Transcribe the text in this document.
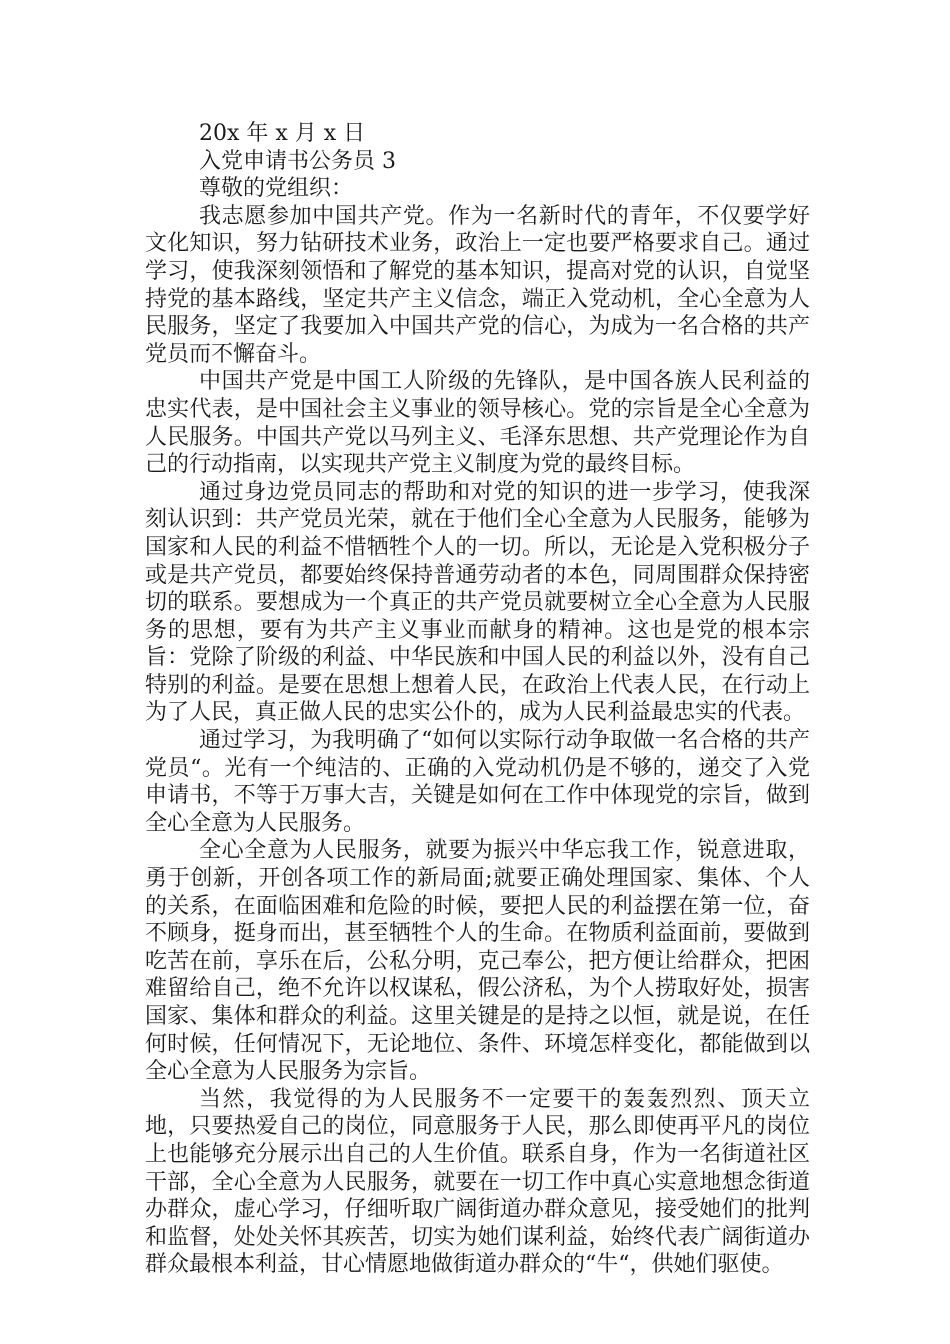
20x 年 x 月 x 日

入党申请书公务员 3

尊敬的党组织：

我志愿参加中国共产党。作为一名新时代的青年，不仅要学好文化知识，努力钻研技术业务，政治上一定也要严格要求自己。通过学习，使我深刻领悟和了解党的基本知识，提高对党的认识，自觉坚持党的基本路线，坚定共产主义信念，端正入党动机，全心全意为人民服务，坚定了我要加入中国共产党的信心，为成为一名合格的共产党员而不懈奋斗。

中国共产党是中国工人阶级的先锋队，是中国各族人民利益的忠实代表，是中国社会主义事业的领导核心。党的宗旨是全心全意为人民服务。中国共产党以马列主义、毛泽东思想、共产党理论作为自己的行动指南，以实现共产党主义制度为党的最终目标。

通过身边党员同志的帮助和对党的知识的进一步学习，使我深刻认识到：共产党员光荣，就在于他们全心全意为人民服务，能够为国家和人民的利益不惜牺牲个人的一切。所以，无论是入党积极分子或是共产党员，都要始终保持普通劳动者的本色，同周围群众保持密切的联系。要想成为一个真正的共产党员就要树立全心全意为人民服务的思想，要有为共产主义事业而献身的精神。这也是党的根本宗旨：党除了阶级的利益、中华民族和中国人民的利益以外，没有自己特别的利益。是要在思想上想着人民，在政治上代表人民，在行动上为了人民，真正做人民的忠实公仆的，成为人民利益最忠实的代表。

通过学习，为我明确了“如何以实际行动争取做一名合格的共产党员“。光有一个纯洁的、正确的入党动机仍是不够的，递交了入党申请书，不等于万事大吉，关键是如何在工作中体现党的宗旨，做到全心全意为人民服务。

全心全意为人民服务，就要为振兴中华忘我工作，锐意进取，勇于创新，开创各项工作的新局面;就要正确处理国家、集体、个人的关系，在面临困难和危险的时候，要把人民的利益摆在第一位，奋不顾身，挺身而出，甚至牺牲个人的生命。在物质利益面前，要做到吃苦在前，享乐在后，公私分明，克己奉公，把方便让给群众，把困难留给自己，绝不允许以权谋私，假公济私，为个人捞取好处，损害国家、集体和群众的利益。这里关键是的是持之以恒，就是说，在任何时候，任何情况下，无论地位、条件、环境怎样变化，都能做到以全心全意为人民服务为宗旨。

当然，我觉得的为人民服务不一定要干的轰轰烈烈、顶天立地，只要热爱自己的岗位，同意服务于人民，那么即使再平凡的岗位上也能够充分展示出自己的人生价值。联系自身，作为一名街道社区干部，全心全意为人民服务，就要在一切工作中真心实意地想念街道办群众，虚心学习，仔细听取广阔街道办群众意见，接受她们的批判和监督，处处关怀其疾苦，切实为她们谋利益，始终代表广阔街道办群众最根本利益，甘心情愿地做街道办群众的“牛“，供她们驱使。
